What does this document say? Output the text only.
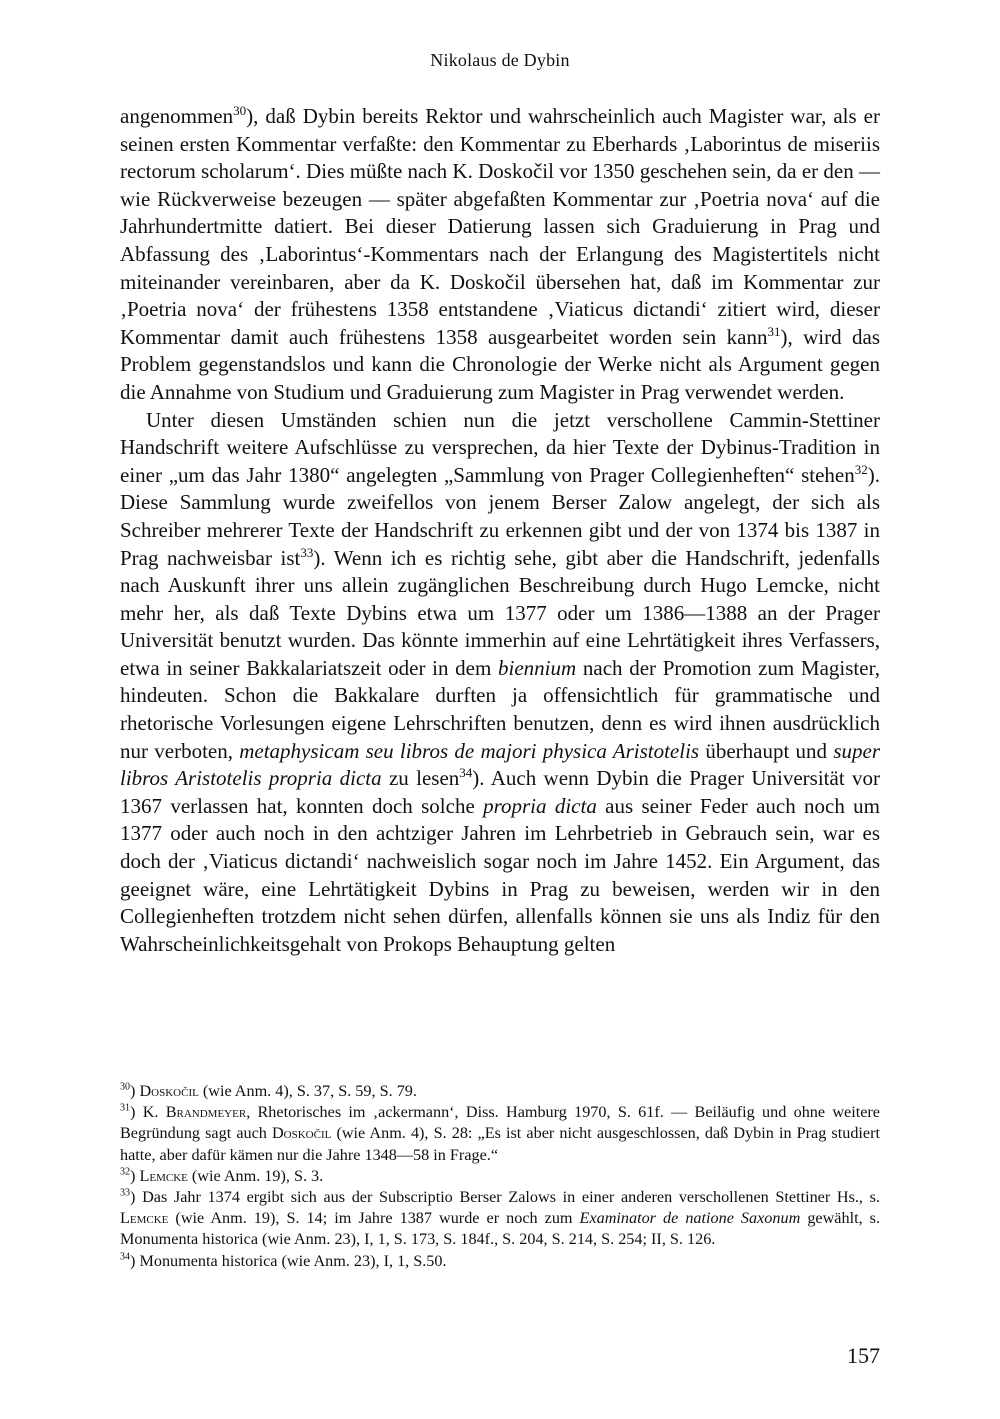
Nikolaus de Dybin

angenommen$^{30}$), daß Dybin bereits Rektor und wahrscheinlich auch Magister war, als er seinen ersten Kommentar verfaßte: den Kommentar zu Eberhards ‚Laborintus de miseriis rectorum scholarum‘. Dies müßte nach K. Doskočil vor 1350 geschehen sein, da er den — wie Rückverweise bezeugen — später abgefaßten Kommentar zur ‚Poetria nova‘ auf die Jahrhundertmitte datiert. Bei dieser Datierung lassen sich Graduierung in Prag und Abfassung des ‚Laborintus‘-Kommentars nach der Erlangung des Magistertitels nicht miteinander vereinbaren, aber da K. Doskočil übersehen hat, daß im Kommentar zur ‚Poetria nova‘ der frühestens 1358 entstandene ‚Viaticus dictandi‘ zitiert wird, dieser Kommentar damit auch frühestens 1358 ausgearbeitet worden sein kann$^{31}$), wird das Problem gegenstandslos und kann die Chronologie der Werke nicht als Argument gegen die Annahme von Studium und Graduierung zum Magister in Prag verwendet werden.

Unter diesen Umständen schien nun die jetzt verschollene Cammin-Stettiner Handschrift weitere Aufschlüsse zu versprechen, da hier Texte der Dybinus-Tradition in einer „um das Jahr 1380“ angelegten „Sammlung von Prager Collegienheften“ stehen$^{32}$). Diese Sammlung wurde zweifellos von jenem Berser Zalow angelegt, der sich als Schreiber mehrerer Texte der Handschrift zu erkennen gibt und der von 1374 bis 1387 in Prag nachweisbar ist$^{33}$). Wenn ich es richtig sehe, gibt aber die Handschrift, jedenfalls nach Auskunft ihrer uns allein zugänglichen Beschreibung durch Hugo Lemcke, nicht mehr her, als daß Texte Dybins etwa um 1377 oder um 1386—1388 an der Prager Universität benutzt wurden. Das könnte immerhin auf eine Lehrtätigkeit ihres Verfassers, etwa in seiner Bakkalariatszeit oder in dem biennium nach der Promotion zum Magister, hindeuten. Schon die Bakkalare durften ja offensichtlich für grammatische und rhetorische Vorlesungen eigene Lehrschriften benutzen, denn es wird ihnen ausdrücklich nur verboten, metaphysicam seu libros de majori physica Aristotelis überhaupt und super libros Aristotelis propria dicta zu lesen$^{34}$). Auch wenn Dybin die Prager Universität vor 1367 verlassen hat, konnten doch solche propria dicta aus seiner Feder auch noch um 1377 oder auch noch in den achtziger Jahren im Lehrbetrieb in Gebrauch sein, war es doch der ‚Viaticus dictandi‘ nachweislich sogar noch im Jahre 1452. Ein Argument, das geeignet wäre, eine Lehrtätigkeit Dybins in Prag zu beweisen, werden wir in den Collegienheften trotzdem nicht sehen dürfen, allenfalls können sie uns als Indiz für den Wahrscheinlichkeitsgehalt von Prokops Behauptung gelten

$^{30}$) Doskočil (wie Anm. 4), S. 37, S. 59, S. 79.

$^{31}$) K. Brandmeyer, Rhetorisches im ‚ackermann‘, Diss. Hamburg 1970, S. 61f. — Beiläufig und ohne weitere Begründung sagt auch Doskočil (wie Anm. 4), S. 28: „Es ist aber nicht ausgeschlossen, daß Dybin in Prag studiert hatte, aber dafür kämen nur die Jahre 1348—58 in Frage.“

$^{32}$) Lemcke (wie Anm. 19), S. 3.

$^{33}$) Das Jahr 1374 ergibt sich aus der Subscriptio Berser Zalows in einer anderen verschollenen Stettiner Hs., s. Lemcke (wie Anm. 19), S. 14; im Jahre 1387 wurde er noch zum Examinator de natione Saxonum gewählt, s. Monumenta historica (wie Anm. 23), I, 1, S. 173, S. 184f., S. 204, S. 214, S. 254; II, S. 126.

$^{34}$) Monumenta historica (wie Anm. 23), I, 1, S.50.

157
